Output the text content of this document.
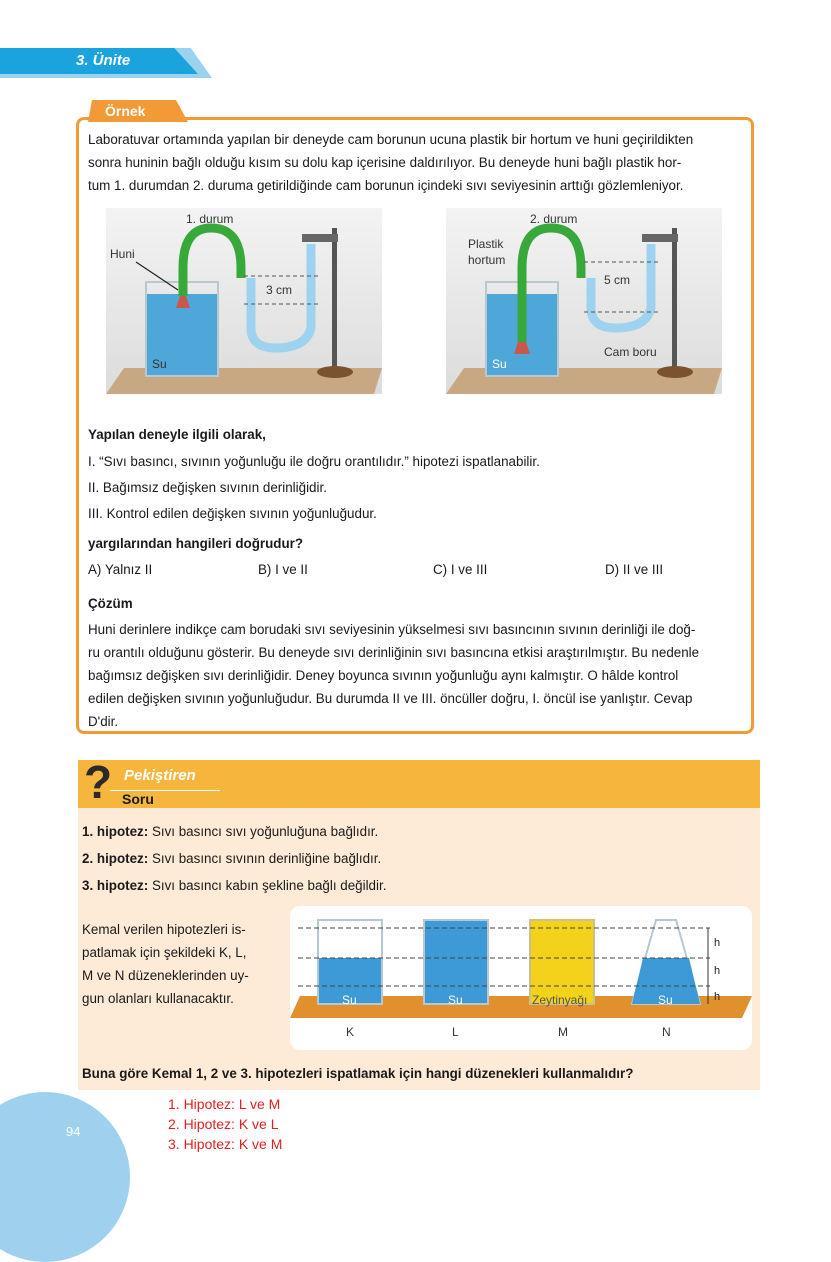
3. Ünite
Örnek
Laboratuvar ortamında yapılan bir deneyde cam borunun ucuna plastik bir hortum ve huni geçirildikten
sonra huninin bağlı olduğu kısım su dolu kap içerisine daldırılıyor. Bu deneyde huni bağlı plastik hor-
tum 1. durumdan 2. duruma getirildiğinde cam borunun içindeki sıvı seviyesinin arttığı gözlemleniyor.
1. durum
Huni
3 cm
Su
2. durum
Plastik
hortum
5 cm
Cam boru
Su
Yapılan deneyle ilgili olarak,
I. “Sıvı basıncı, sıvının yoğunluğu ile doğru orantılıdır.” hipotezi ispatlanabilir.
II. Bağımsız değişken sıvının derinliğidir.
III. Kontrol edilen değişken sıvının yoğunluğudur.
yargılarından hangileri doğrudur?
A) Yalnız II	B) I ve II	C) I ve III	D) II ve III
Çözüm
Huni derinlere indikçe cam borudaki sıvı seviyesinin yükselmesi sıvı basıncının sıvının derinliği ile doğ-
ru orantılı olduğunu gösterir. Bu deneyde sıvı derinliğinin sıvı basıncına etkisi araştırılmıştır. Bu nedenle
bağımsız değişken sıvı derinliğidir. Deney boyunca sıvının yoğunluğu aynı kalmıştır. O hâlde kontrol
edilen değişken sıvının yoğunluğudur. Bu durumda II ve III. öncüller doğru, I. öncül ise yanlıştır. Cevap
D'dir.
? Pekiştiren
Soru
1. hipotez: Sıvı basıncı sıvı yoğunluğuna bağlıdır.
2. hipotez: Sıvı basıncı sıvının derinliğine bağlıdır.
3. hipotez: Sıvı basıncı kabın şekline bağlı değildir.
Kemal verilen hipotezleri is-
patlamak için şekildeki K, L,
M ve N düzeneklerinden uy-
gun olanları kullanacaktır.
h
h
h
Su	Su	Zeytinyağı	Su
K	L	M	N
Buna göre Kemal 1, 2 ve 3. hipotezleri ispatlamak için hangi düzenekleri kullanmalıdır?
1. Hipotez: L ve M
2. Hipotez: K ve L
3. Hipotez: K ve M
94
